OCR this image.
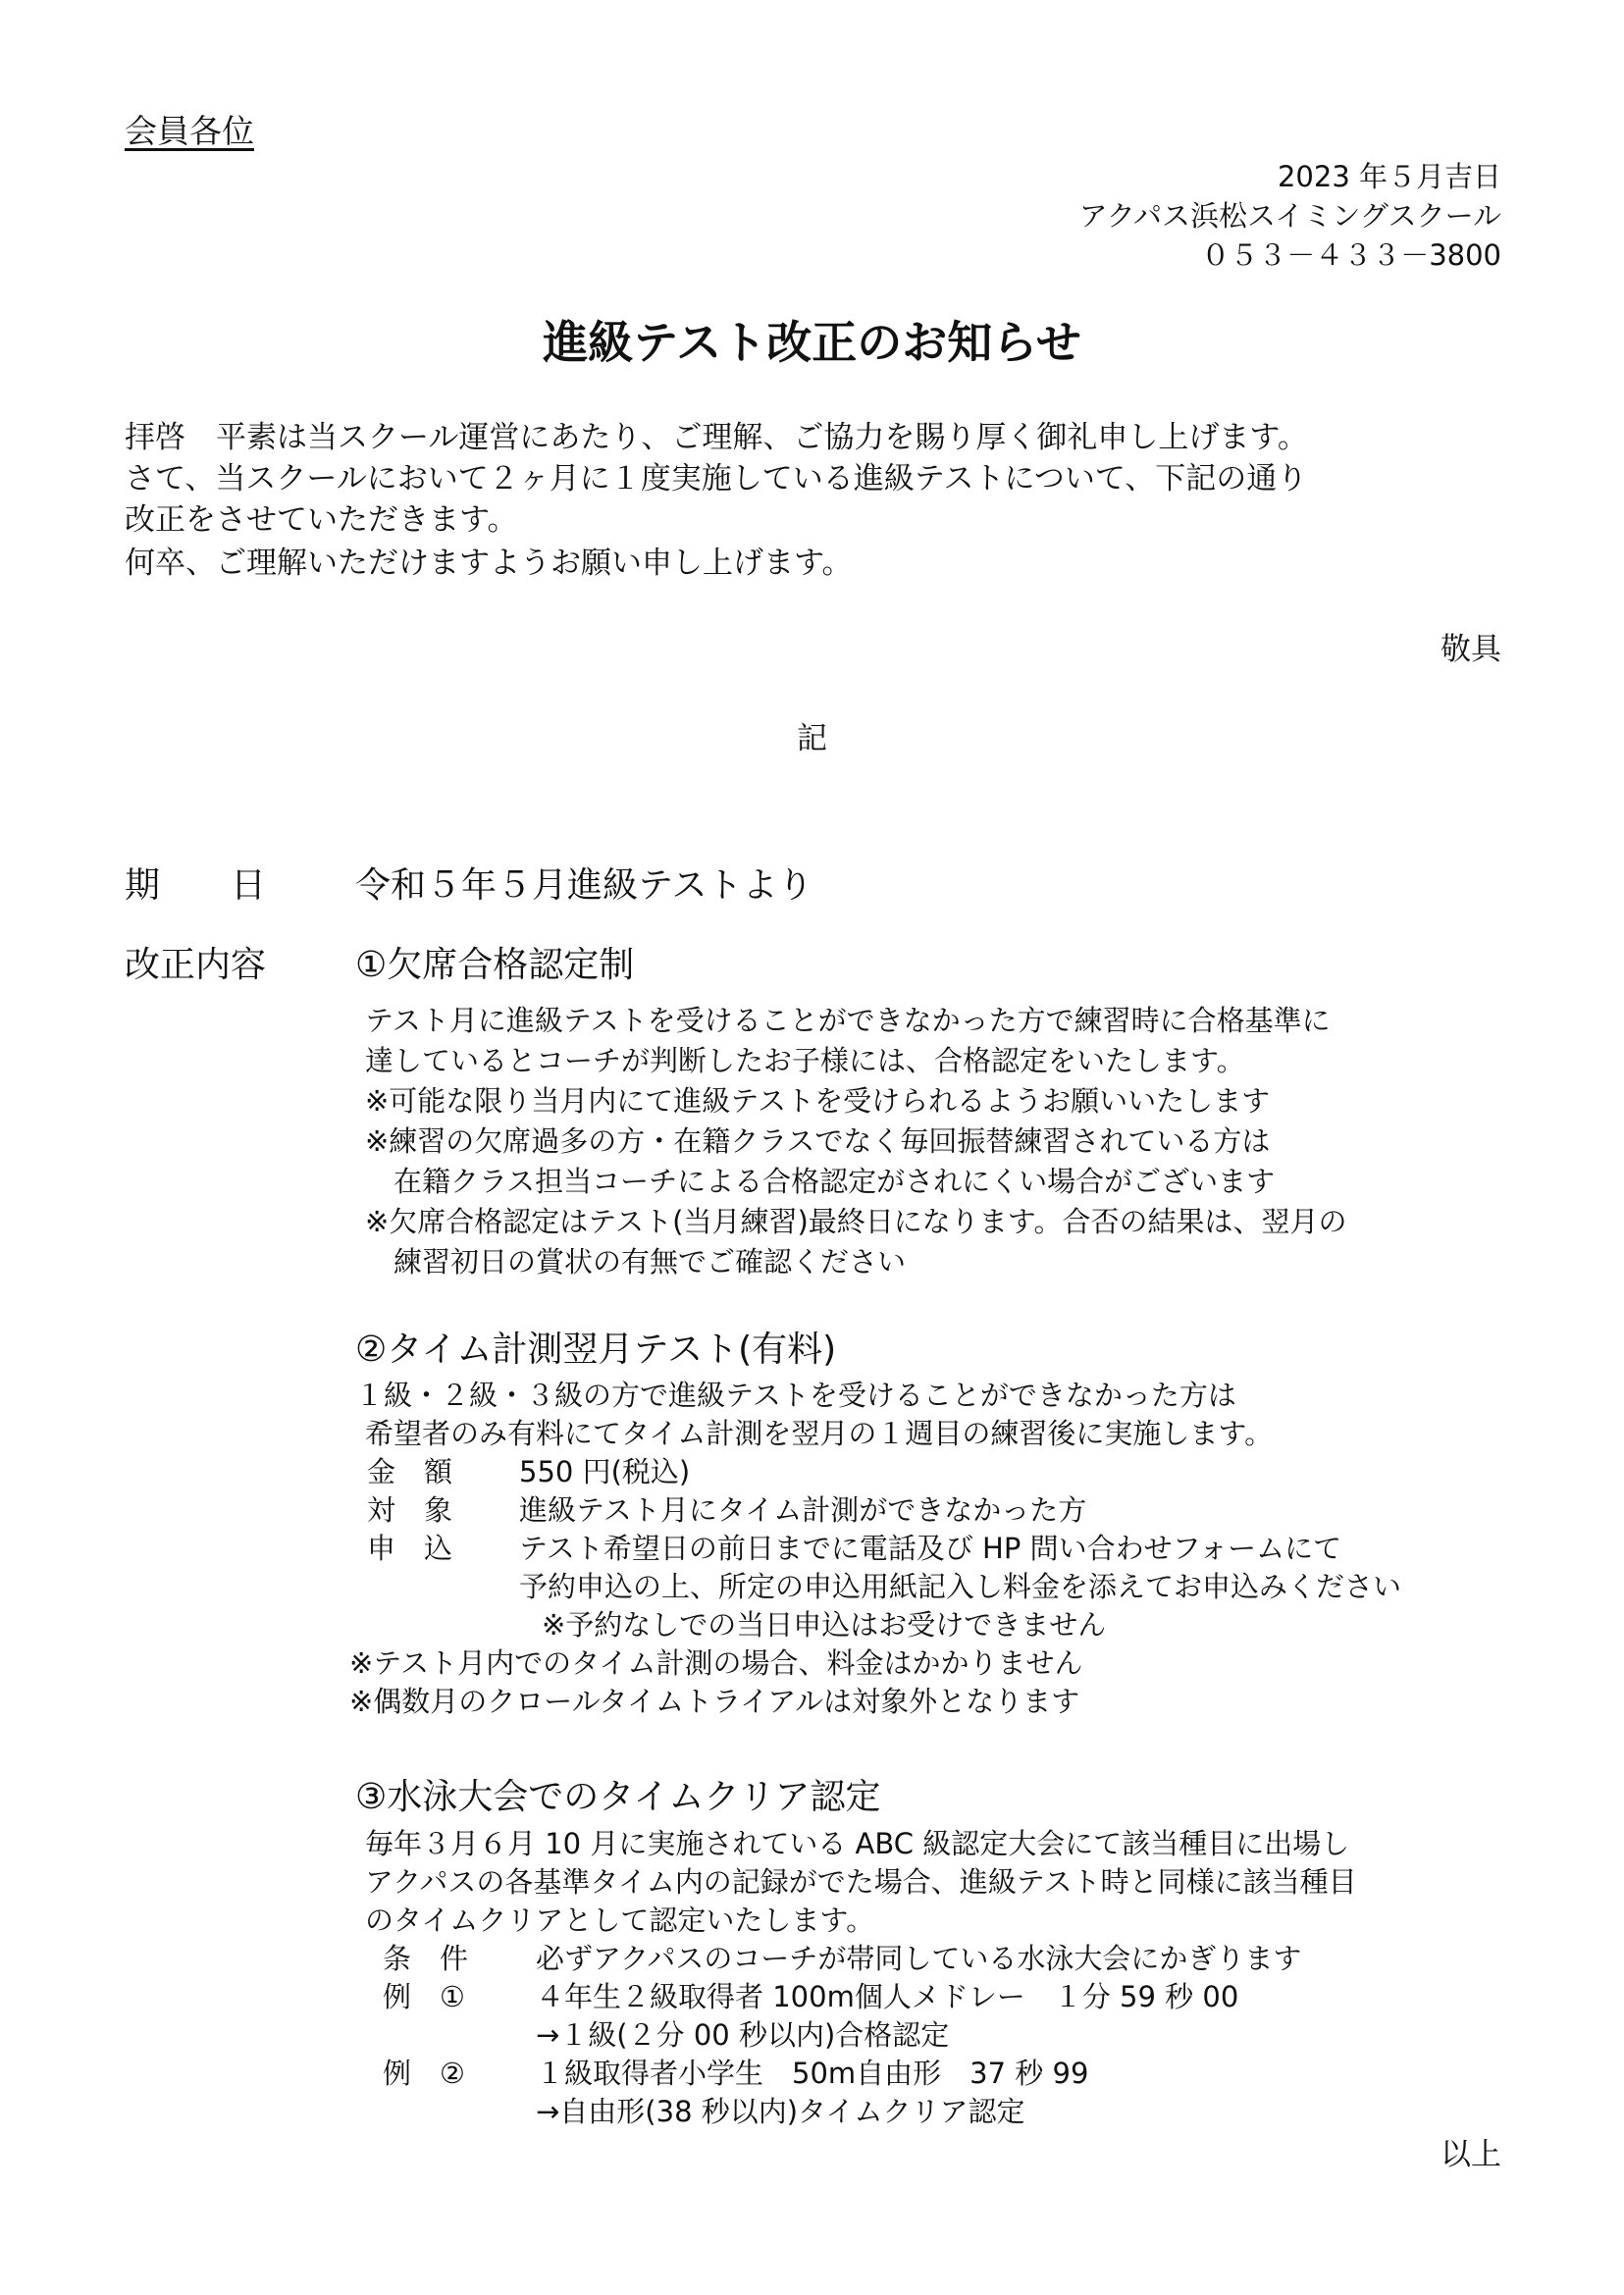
会員各位
2023 年５月吉日
アクパス浜松スイミングスクール
０５３－４３３－3800
進級テスト改正のお知らせ
拝啓　平素は当スクール運営にあたり、ご理解、ご協力を賜り厚く御礼申し上げます。
さて、当スクールにおいて２ヶ月に１度実施している進級テストについて、下記の通り
改正をさせていただきます。
何卒、ご理解いただけますようお願い申し上げます。
敬具
記
期　　日	令和５年５月進級テストより
改正内容	①欠席合格認定制
テスト月に進級テストを受けることができなかった方で練習時に合格基準に
達しているとコーチが判断したお子様には、合格認定をいたします。
※可能な限り当月内にて進級テストを受けられるようお願いいたします
※練習の欠席過多の方・在籍クラスでなく毎回振替練習されている方は
　在籍クラス担当コーチによる合格認定がされにくい場合がございます
※欠席合格認定はテスト(当月練習)最終日になります。合否の結果は、翌月の
　練習初日の賞状の有無でご確認ください
②タイム計測翌月テスト(有料)
１級・２級・３級の方で進級テストを受けることができなかった方は
希望者のみ有料にてタイム計測を翌月の１週目の練習後に実施します。
金　額 550 円(税込)
対　象 進級テスト月にタイム計測ができなかった方
申　込 テスト希望日の前日までに電話及び HP 問い合わせフォームにて
予約申込の上、所定の申込用紙記入し料金を添えてお申込みください
※予約なしでの当日申込はお受けできません
※テスト月内でのタイム計測の場合、料金はかかりません
※偶数月のクロールタイムトライアルは対象外となります
③水泳大会でのタイムクリア認定
毎年３月６月 10 月に実施されている ABC 級認定大会にて該当種目に出場し
アクパスの各基準タイム内の記録がでた場合、進級テスト時と同様に該当種目
のタイムクリアとして認定いたします。
条　件 必ずアクパスのコーチが帯同している水泳大会にかぎります
例　① ４年生２級取得者 100m個人メドレー　１分 59 秒 00
→１級(２分 00 秒以内)合格認定
例　② １級取得者小学生　50m自由形　37 秒 99
→自由形(38 秒以内)タイムクリア認定
以上
